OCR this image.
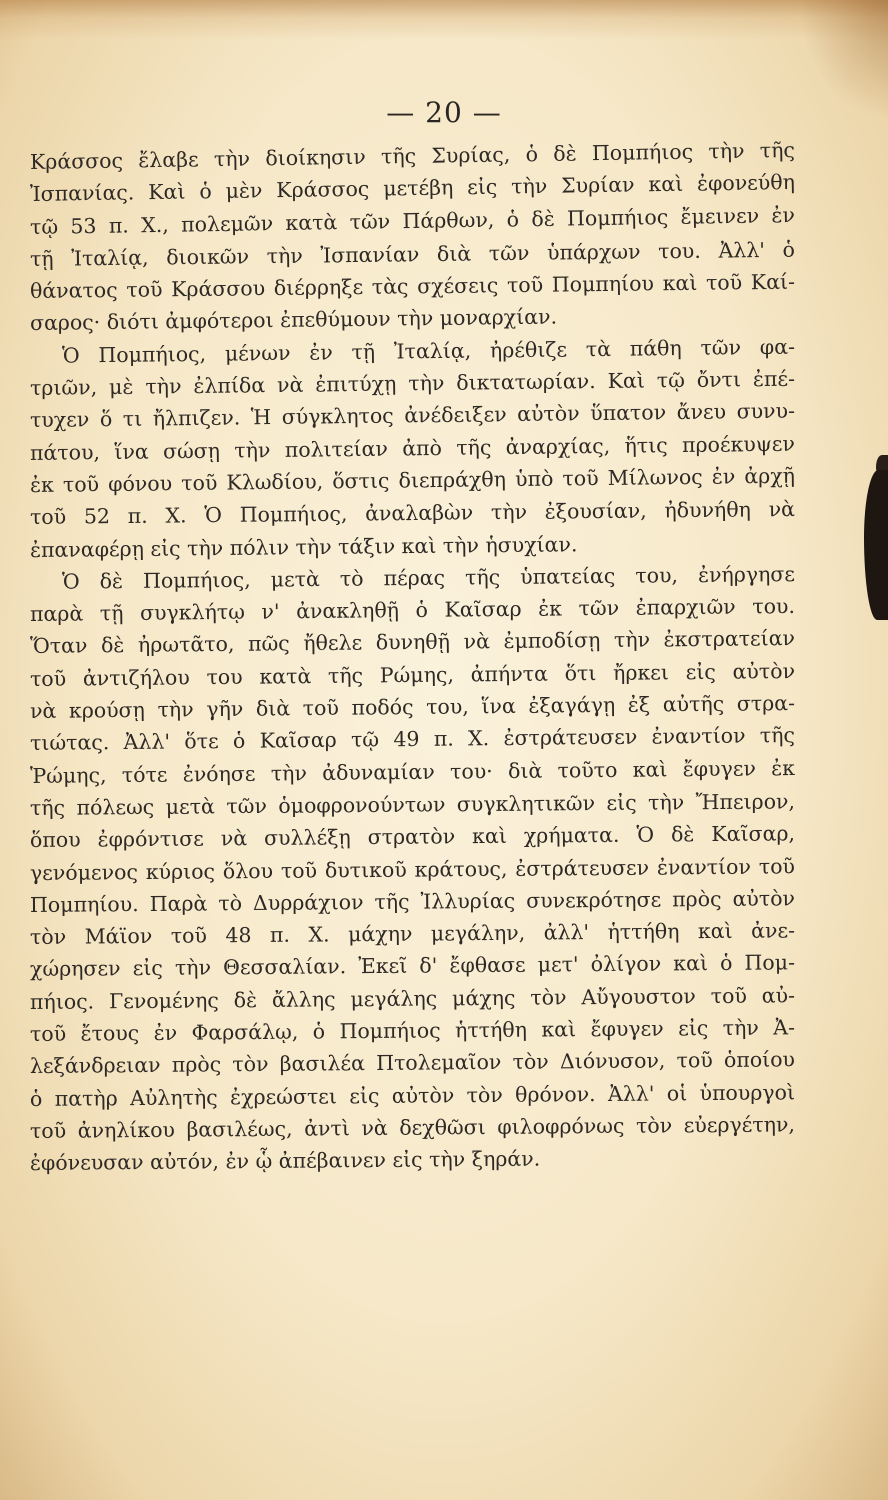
— 20 —
Κράσσος ἔλαβε τὴν διοίκησιν τῆς Συρίας, ὁ δὲ Πομπήιος τὴν τῆς
Ἰσπανίας. Καὶ ὁ μὲν Κράσσος μετέβη εἰς τὴν Συρίαν καὶ ἐφονεύθη
τῷ 53 π. Χ., πολεμῶν κατὰ τῶν Πάρθων, ὁ δὲ Πομπήιος ἔμεινεν ἐν
τῇ Ἰταλίᾳ, διοικῶν τὴν Ἰσπανίαν διὰ τῶν ὑπάρχων του. Ἀλλ' ὁ
θάνατος τοῦ Κράσσου διέρρηξε τὰς σχέσεις τοῦ Πομπηίου καὶ τοῦ Καί-
σαρος· διότι ἀμφότεροι ἐπεθύμουν τὴν μοναρχίαν.
Ὁ Πομπήιος, μένων ἐν τῇ Ἰταλίᾳ, ἠρέθιζε τὰ πάθη τῶν φα-
τριῶν, μὲ τὴν ἐλπίδα νὰ ἐπιτύχῃ τὴν δικτατωρίαν. Καὶ τῷ ὄντι ἐπέ-
τυχεν ὅ τι ἤλπιζεν. Ἡ σύγκλητος ἀνέδειξεν αὐτὸν ὕπατον ἄνευ συνυ-
πάτου, ἵνα σώσῃ τὴν πολιτείαν ἀπὸ τῆς ἀναρχίας, ἥτις προέκυψεν
ἐκ τοῦ φόνου τοῦ Κλωδίου, ὅστις διεπράχθη ὑπὸ τοῦ Μίλωνος ἐν ἀρχῇ
τοῦ 52 π. Χ. Ὁ Πομπήιος, ἀναλαβὼν τὴν ἐξουσίαν, ἠδυνήθη νὰ
ἐπαναφέρῃ εἰς τὴν πόλιν τὴν τάξιν καὶ τὴν ἡσυχίαν.
Ὁ δὲ Πομπήιος, μετὰ τὸ πέρας τῆς ὑπατείας του, ἐνήργησε
παρὰ τῇ συγκλήτῳ ν' ἀνακληθῇ ὁ Καῖσαρ ἐκ τῶν ἐπαρχιῶν του.
Ὅταν δὲ ἠρωτᾶτο, πῶς ἤθελε δυνηθῇ νὰ ἐμποδίσῃ τὴν ἐκστρατείαν
τοῦ ἀντιζήλου του κατὰ τῆς Ρώμης, ἀπήντα ὅτι ἤρκει εἰς αὐτὸν
νὰ κρούσῃ τὴν γῆν διὰ τοῦ ποδός του, ἵνα ἐξαγάγῃ ἐξ αὐτῆς στρα-
τιώτας. Ἀλλ' ὅτε ὁ Καῖσαρ τῷ 49 π. Χ. ἐστράτευσεν ἐναντίον τῆς
Ῥώμης, τότε ἐνόησε τὴν ἀδυναμίαν του· διὰ τοῦτο καὶ ἔφυγεν ἐκ
τῆς πόλεως μετὰ τῶν ὁμοφρονούντων συγκλητικῶν εἰς τὴν Ἤπειρον,
ὅπου ἐφρόντισε νὰ συλλέξῃ στρατὸν καὶ χρήματα. Ὁ δὲ Καῖσαρ,
γενόμενος κύριος ὅλου τοῦ δυτικοῦ κράτους, ἐστράτευσεν ἐναντίον τοῦ
Πομπηίου. Παρὰ τὸ Δυρράχιον τῆς Ἰλλυρίας συνεκρότησε πρὸς αὐτὸν
τὸν Μάϊον τοῦ 48 π. Χ. μάχην μεγάλην, ἀλλ' ἡττήθη καὶ ἀνε-
χώρησεν εἰς τὴν Θεσσαλίαν. Ἐκεῖ δ' ἔφθασε μετ' ὀλίγον καὶ ὁ Πομ-
πήιος. Γενομένης δὲ ἄλλης μεγάλης μάχης τὸν Αὔγουστον τοῦ αὐ-
τοῦ ἔτους ἐν Φαρσάλῳ, ὁ Πομπήιος ἡττήθη καὶ ἔφυγεν εἰς τὴν Ἀ-
λεξάνδρειαν πρὸς τὸν βασιλέα Πτολεμαῖον τὸν Διόνυσον, τοῦ ὁποίου
ὁ πατὴρ Αὐλητὴς ἐχρεώστει εἰς αὐτὸν τὸν θρόνον. Ἀλλ' οἱ ὑπουργοὶ
τοῦ ἀνηλίκου βασιλέως, ἀντὶ νὰ δεχθῶσι φιλοφρόνως τὸν εὐεργέτην,
ἐφόνευσαν αὐτόν, ἐν ᾧ ἀπέβαινεν εἰς τὴν ξηράν.
